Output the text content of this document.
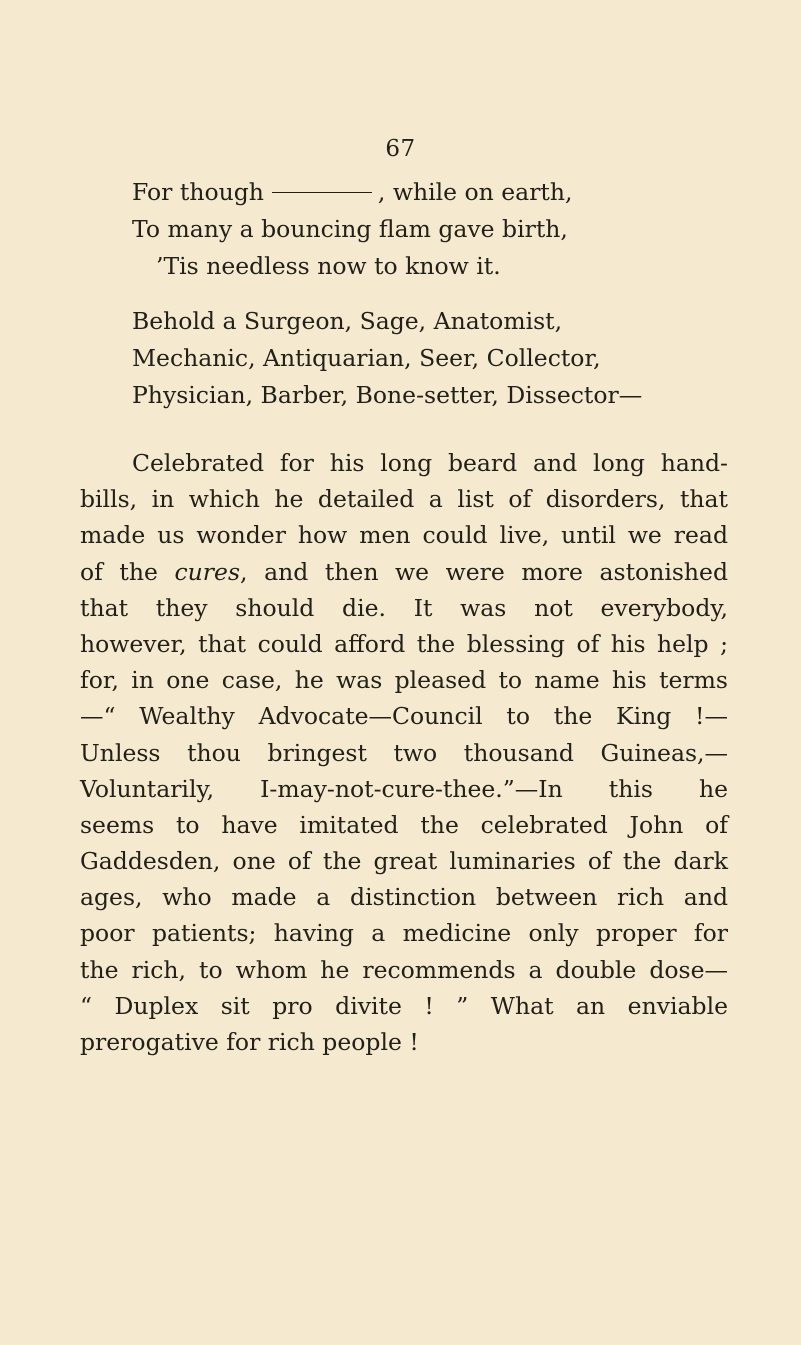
67
For though	, while on earth,
To many a bouncing flam gave birth,
’Tis needless now to know it.
Behold a Surgeon, Sage, Anatomist,
Mechanic, Antiquarian, Seer, Collector,
Physician, Barber, Bone-setter, Dissector—
Celebrated for his long beard and long hand-
bills, in which he detailed a list of disorders, that
made us wonder how men could live, until we read
of the cures, and then we were more astonished
that they should die. It was not everybody,
however, that could afford the blessing of his help ;
for, in one case, he was pleased to name his terms
—“ Wealthy Advocate—Council to the King !—
Unless thou bringest two thousand Guineas,—
Voluntarily, I-may-not-cure-thee.”—In this he
seems to have imitated the celebrated John of
Gaddesden, one of the great luminaries of the dark
ages, who made a distinction between rich and
poor patients; having a medicine only proper for
the rich, to whom he recommends a double dose—
“ Duplex sit pro divite ! ” What an enviable
prerogative for rich people !
